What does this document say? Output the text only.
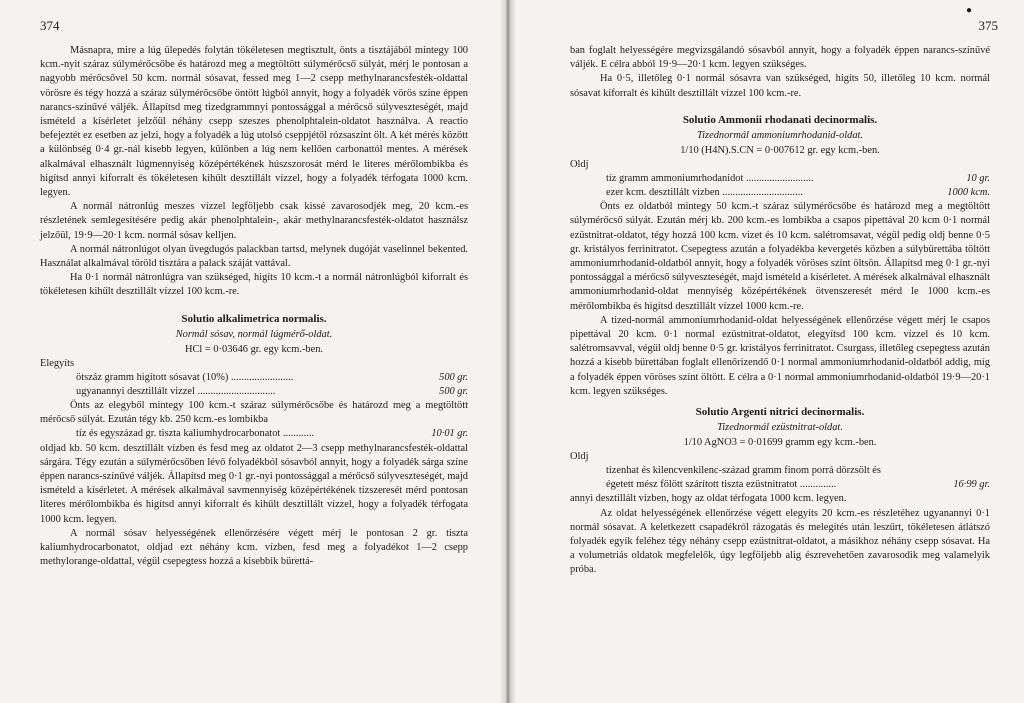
374

Másnapra, mire a lúg ülepedés folytán tökéletesen megtisztult, önts a tisztájából mintegy 100 kcm.-nyit száraz súlymérőcsőbe és határozd meg a megtöltött súlymérőcső súlyát, mérj le pontosan a nagyobb mérőcsővel 50 kcm. normál sósavat, fessed meg 1—2 csepp methylnarancsfesték-oldattal vörösre és tégy hozzá a száraz súlymérőcsőbe öntött lúgból annyit, hogy a folyadék vörös színe éppen narancs-színűvé váljék. Állapítsd meg tizedgrammnyi pontossággal a mérőcső súlyveszteségét, majd ismételd a kísérletet jelzőül néhány csepp szeszes phenolphtalein-oldatot használva. A reactio befejeztét ez esetben az jelzi, hogy a folyadék a lúg utolsó cseppjétől rózsaszínt ölt. A két mérés között a különbség 0·4 gr.-nál kisebb legyen, különben a lúg nem kellően carbonattól mentes. A mérések alkalmával elhasznált lúgmennyiség középértékének húszszorosát mérd le literes mérőlombikba és higítsd annyi kiforralt és tökéletesen kihűlt desztillált vízzel, hogy a folyadék térfogata 1000 kcm. legyen.

A normál nátronlúg meszes vízzel legföljebb csak kissé zavarosodjék meg, 20 kcm.-es részletének semlegesítésére pedig akár phenolphtalein-, akár methylnarancsfesték-oldatot használsz jelzőül, 19·9—20·1 kcm. normál sósav kelljen.

A normál nátronlúgot olyan üvegdugós palackban tartsd, melynek dugóját vaselinnel bekented. Használat alkalmával töröld tisztára a palack száját vattával.

Ha 0·1 normál nátronlúgra van szükséged, higíts 10 kcm.-t a normál nátronlúgból kiforralt és tökéletesen kihűlt desztillált vízzel 100 kcm.-re.

Solutio alkalimetrica normalis.
Normál sósav, normál lúgmérő-oldat.
HCl = 0·03646 gr. egy kcm.-ben.
Elegyíts
ötszáz gramm higított sósavat (10%) ........................	500 gr.
ugyanannyi desztillált vizzel ..............................	500 gr.

Önts az elegyből mintegy 100 kcm.-t száraz súlymérőcsőbe és határozd meg a megtöltött mérőcső súlyát. Ezután tégy kb. 250 kcm.-es lombikba

tíz és egyszázad gr. tiszta kaliumhydrocarbonatot ............	10·01 gr.

oldjad kb. 50 kcm. desztillált vízben és fesd meg az oldatot 2—3 csepp methylnarancsfesték-oldattal sárgára. Tégy ezután a súlymérőcsőben lévő folyadékból sósavból annyit, hogy a folyadék sárga színe éppen narancs-színűvé váljék. Állapítsd meg 0·1 gr.-nyi pontossággal a mérőcső súlyveszteségét, majd ismételd a kísérletet. A mérések alkalmával savmennyiség középértékének tízszeresét mérd pontosan literes mérőlombikba és higítsd annyi kiforralt és kihűlt desztillált vízzel, hogy a folyadék térfogata 1000 kcm. legyen.

A normál sósav helyességének ellenőrzésére végett mérj le pontosan 2 gr. tiszta kaliumhydrocarbonatot, oldjad ezt néhány kcm. vízben, fesd meg a folyadékot 1—2 csepp methylorange-oldattal, végül csepegtess hozzá a kisebbik bürettá-

●
375

ban foglalt helyességére megvizsgálandó sósavból annyit, hogy a folyadék éppen narancs-színűvé váljék. E célra abból 19·9—20·1 kcm. legyen szükséges.

Ha 0·5, illetőleg 0·1 normál sósavra van szükséged, higíts 50, illetőleg 10 kcm. normál sósavat kiforralt és kihűlt desztillált vízzel 100 kcm.-re.

Solutio Ammonii rhodanati decinormalis.
Tizednormál ammoniumrhodanid-oldat.
1/10 (H4N).S.CN = 0·007612 gr. egy kcm.-ben.
Oldj
tíz gramm ammoniumrhodanidot ..........................	10 gr.
ezer kcm. desztillált vizben ...............................	1000 kcm.

Önts ez oldatból mintegy 50 kcm.-t száraz súlymérőcsőbe és határozd meg a megtöltött súlymérőcső súlyát. Ezután mérj kb. 200 kcm.-es lombikba a csapos pipettával 20 kcm 0·1 normál ezüstnitrat-oldatot, tégy hozzá 100 kcm. vizet és 10 kcm. salétromsavat, végül pedig oldj benne 0·5 gr. kristályos ferrinitratot. Csepegtess azután a folyadékba kevergetés közben a súlybürettába töltött ammoniumrhodanid-oldatból annyit, hogy a folyadék vöröses színt öltsön. Állapítsd meg 0·1 gr.-nyi pontossággal a mérőcső súlyveszteségét, majd ismételd a kísérletet. A mérések alkalmával elhasznált ammoniumrhodanid-oldat mennyiség középértékének ötvenszeresét mérd le 1000 kcm.-es mérőlombikba és higítsd desztillált vízzel 1000 kcm.-re.

A tized-normál ammoniumrhodanid-oldat helyességének ellenőrzése végett mérj le csapos pipettával 20 kcm. 0·1 normal ezüstnitrat-oldatot, elegyítsd 100 kcm. vízzel és 10 kcm. salétromsavval, végül oldj benne 0·5 gr. kristályos ferrinitratot. Csurgass, illetőleg csepegtess azután hozzá a kisebb bürettában foglalt ellenőrizendő 0·1 normal ammoniumrhodanid-oldatból addig, míg a folyadék éppen vöröses színt öltött. E célra a 0·1 normal ammoniumrhodanid-oldatból 19·9—20·1 kcm. legyen szükséges.

Solutio Argenti nitrici decinormalis.
Tizednormál ezüstnitrat-oldat.
1/10 AgNO3 = 0·01699 gramm egy kcm.-ben.
Oldj
tizenhat és kilencvenkilenc-század gramm finom porrá dörzsölt és
égetett mész fölött szárított tiszta ezüstnitratot ..............	16·99 gr.

annyi desztillált vizben, hogy az oldat térfogata 1000 kcm. legyen.

Az oldat helyességének ellenőrzése végett elegyíts 20 kcm.-es részletéhez ugyanannyi 0·1 normál sósavat. A keletkezett csapadékról rázogatás és melegítés után leszűrt, tökéletesen átlátszó folyadék egyik feléhez tégy néhány csepp ezüstnitrat-oldatot, a másikhoz néhány csepp sósavat. Ha a volumetriás oldatok megfelelők, úgy legföljebb alig észrevehetően zavarosodik meg valamelyik próba.
